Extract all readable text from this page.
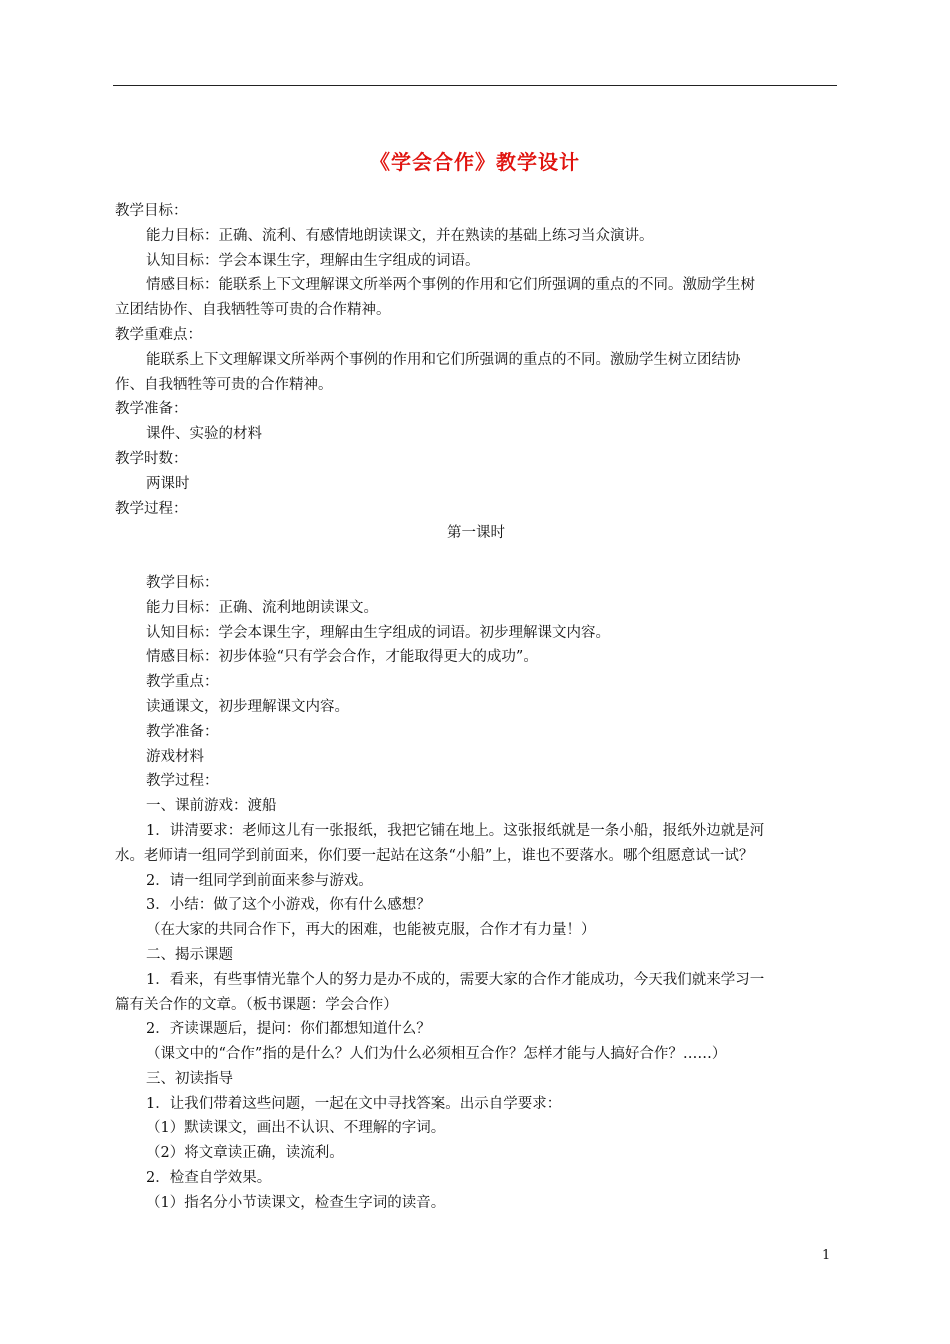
《学会合作》教学设计
教学目标：
能力目标：正确、流利、有感情地朗读课文，并在熟读的基础上练习当众演讲。
认知目标：学会本课生字，理解由生字组成的词语。
情感目标：能联系上下文理解课文所举两个事例的作用和它们所强调的重点的不同。激励学生树
立团结协作、自我牺牲等可贵的合作精神。
教学重难点：
能联系上下文理解课文所举两个事例的作用和它们所强调的重点的不同。激励学生树立团结协
作、自我牺牲等可贵的合作精神。
教学准备：
课件、实验的材料
教学时数：
两课时
教学过程：
第一课时
教学目标：
能力目标：正确、流利地朗读课文。
认知目标：学会本课生字，理解由生字组成的词语。初步理解课文内容。
情感目标：初步体验“只有学会合作，才能取得更大的成功”。
教学重点：
读通课文，初步理解课文内容。
教学准备：
游戏材料
教学过程：
一、课前游戏：渡船
1．讲清要求：老师这儿有一张报纸，我把它铺在地上。这张报纸就是一条小船，报纸外边就是河
水。老师请一组同学到前面来，你们要一起站在这条“小船”上，谁也不要落水。哪个组愿意试一试？
2．请一组同学到前面来参与游戏。
3．小结：做了这个小游戏，你有什么感想？
（在大家的共同合作下，再大的困难，也能被克服，合作才有力量！）
二、揭示课题
1．看来，有些事情光靠个人的努力是办不成的，需要大家的合作才能成功，今天我们就来学习一
篇有关合作的文章。（板书课题：学会合作）
2．齐读课题后，提问：你们都想知道什么？
（课文中的“合作”指的是什么？人们为什么必须相互合作？怎样才能与人搞好合作？……）
三、初读指导
1．让我们带着这些问题，一起在文中寻找答案。出示自学要求：
（1）默读课文，画出不认识、不理解的字词。
（2）将文章读正确，读流利。
2．检查自学效果。
（1）指名分小节读课文，检查生字词的读音。
1
